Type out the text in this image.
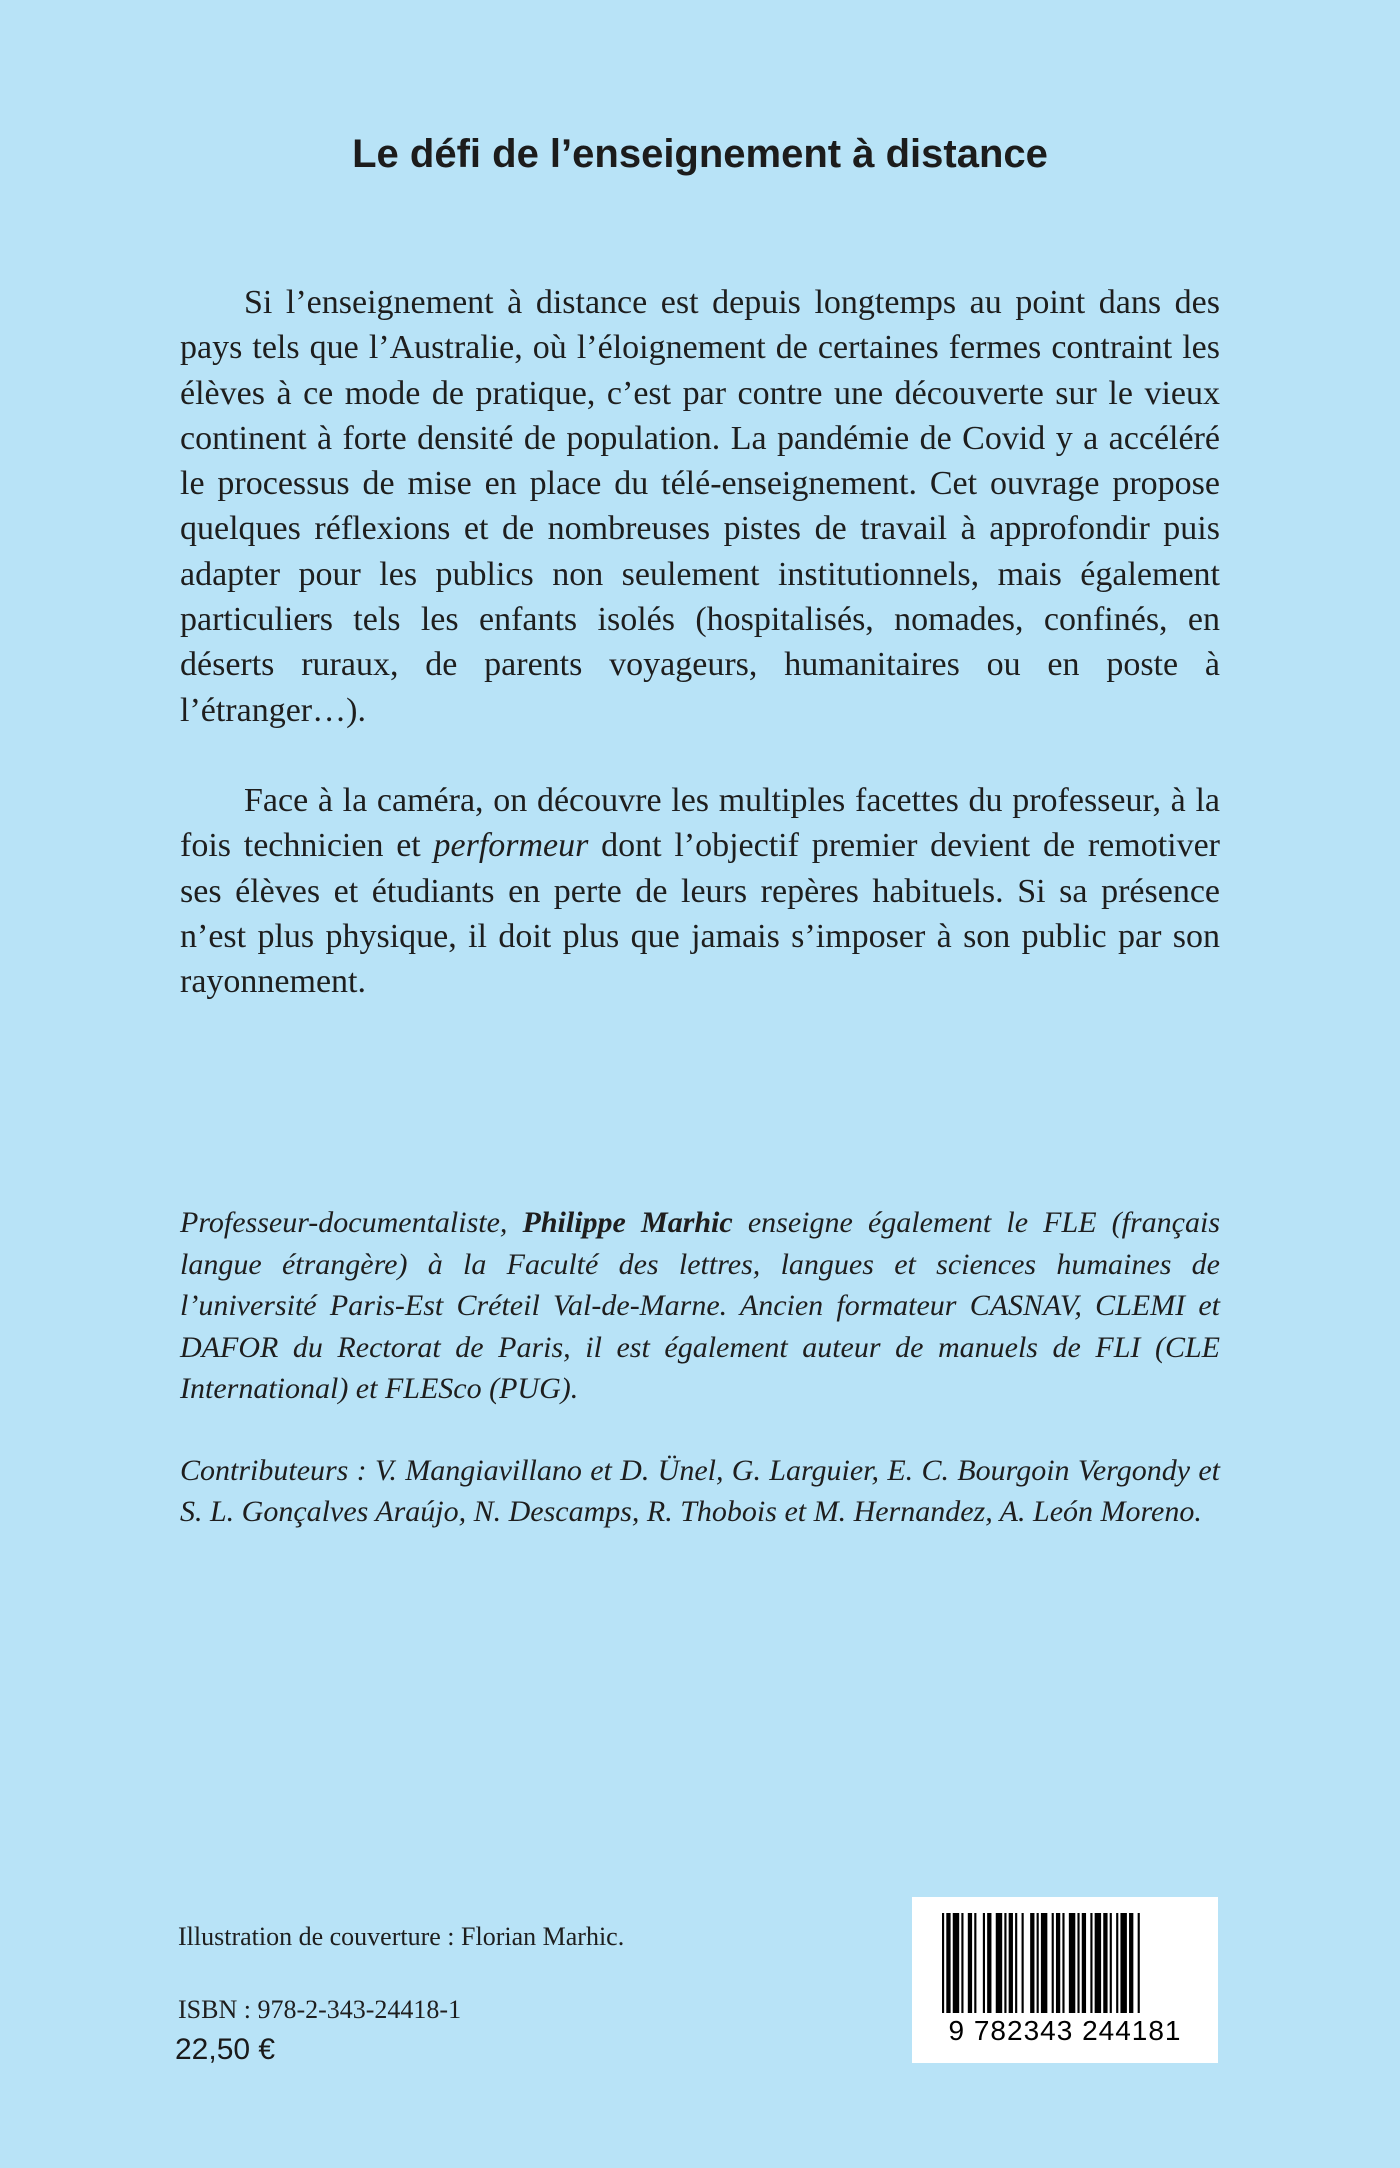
Le défi de l’enseignement à distance

Si l’enseignement à distance est depuis longtemps au point dans des pays tels que l’Australie, où l’éloignement de certaines fermes contraint les élèves à ce mode de pratique, c’est par contre une découverte sur le vieux continent à forte densité de population. La pandémie de Covid y a accéléré le processus de mise en place du télé-enseignement. Cet ouvrage propose quelques réflexions et de nombreuses pistes de travail à approfondir puis adapter pour les publics non seulement institutionnels, mais également particuliers tels les enfants isolés (hospitalisés, nomades, confinés, en déserts ruraux, de parents voyageurs, humanitaires ou en poste à l’étranger…).

Face à la caméra, on découvre les multiples facettes du professeur, à la fois technicien et performeur dont l’objectif premier devient de remotiver ses élèves et étudiants en perte de leurs repères habituels. Si sa présence n’est plus physique, il doit plus que jamais s’imposer à son public par son rayonnement.

Professeur-documentaliste, Philippe Marhic enseigne également le FLE (français langue étrangère) à la Faculté des lettres, langues et sciences humaines de l’université Paris-Est Créteil Val-de-Marne. Ancien formateur CASNAV, CLEMI et DAFOR du Rectorat de Paris, il est également auteur de manuels de FLI (CLE International) et FLESco (PUG).

Contributeurs : V. Mangiavillano et D. Ünel, G. Larguier, E. C. Bourgoin Vergondy et S. L. Gonçalves Araújo, N. Descamps, R. Thobois et M. Hernandez, A. León Moreno.

Illustration de couverture : Florian Marhic.
ISBN : 978-2-343-24418-1
22,50 €
9 782343 244181
